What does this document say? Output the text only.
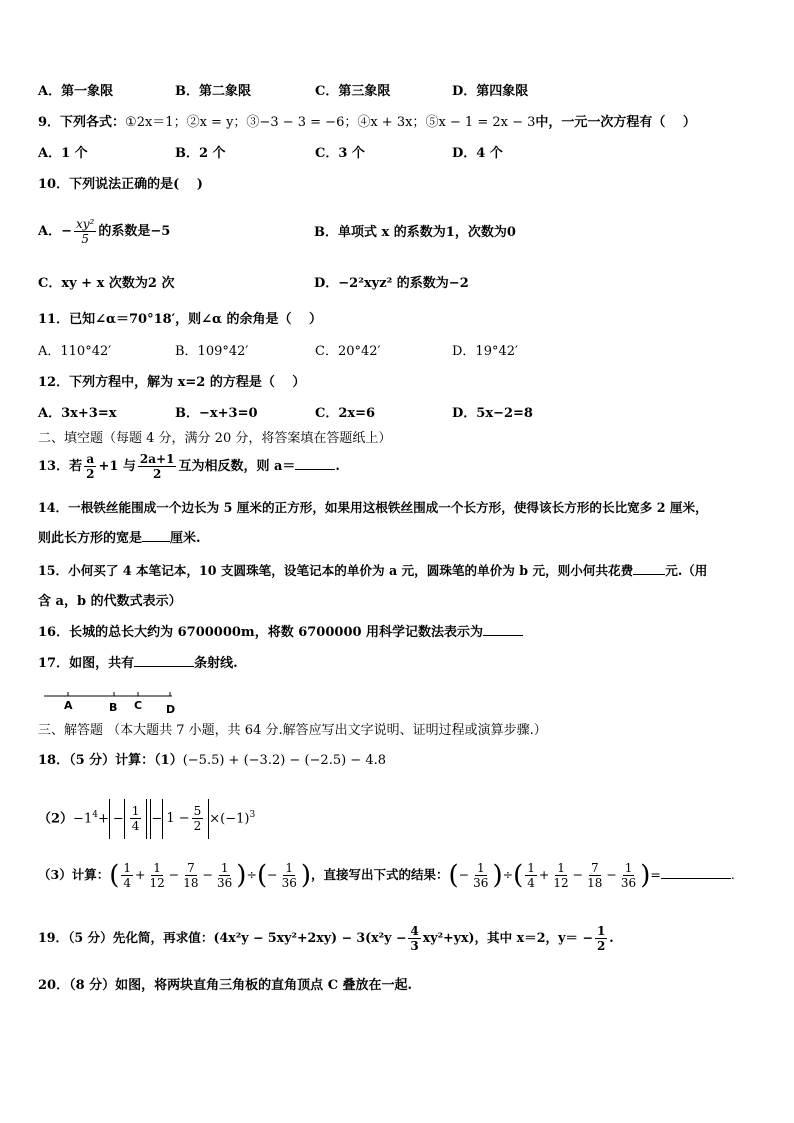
A．第一象限	B．第二象限	C．第三象限	D．第四象限
9．下列各式：①2x＝1；②x = y；③−3 − 3 = −6；④x + 3x；⑤x − 1 = 2x − 3中，一元一次方程有（　 ）
A．1 个	B．2 个	C．3 个	D．4 个
10．下列说法正确的是(　 )
A．− $\frac{\text{xy²}}{5}$ 的系数是−5	B．单项式 x 的系数为1，次数为0
C．xy + x 次数为2 次	D．−2²xyz² 的系数为−2
11．已知∠α＝70°18′，则∠α 的余角是（　 ）
A．110°42′	B．109°42′	C．20°42′	D．19°42′
12．下列方程中，解为 x=2 的方程是（　 ）
A．3x+3=x	B．−x+3=0	C．2x=6	D．5x−2=8
二、填空题（每题 4 分，满分 20 分，将答案填在答题纸上）
13．若 $\frac{a}{2} +1$ 与 $\frac{2a+1}{2}$ 互为相反数，则 a＝	.
14．一根铁丝能围成一个边长为 5 厘米的正方形，如果用这根铁丝围成一个长方形，使得该长方形的长比宽多 2 厘米，
则此长方形的宽是 厘米.
15．小何买了 4 本笔记本，10 支圆珠笔，设笔记本的单价为 a 元，圆珠笔的单价为 b 元，则小何共花费	元.（用
含 a，b 的代数式表示）
16．长城的总长大约为 6700000m，将数 6700000 用科学记数法表示为
17．如图，共有	条射线.
A	B C D
三、解答题 （本大题共 7 小题，共 64 分.解答应写出文字说明、证明过程或演算步骤.）
18．（5 分）计算：（1）(−5.5) + (−3.2) − (−2.5) − 4.8
$(2)-1^4+ - \frac{1}{4} - 1 - \frac{5}{2} \times(-1)^3$
（3）计算：( $\frac{1}{4} + \frac{1}{12} - \frac{7}{18} - \frac{1}{36}$ )÷(− $\frac{1}{36}$ )，直接写出下式的结果：(− $\frac{1}{36}$ )÷( $\frac{1}{4} + \frac{1}{12} - \frac{7}{18} - \frac{1}{36}$ )=	.
19．（5 分）先化简，再求值：$(4x^2y - 5xy^2+2xy) - 3(x^2y - \frac{4}{3} xy^2+yx)$，其中 x＝2，$y= - \frac{1}{2}$ .
20．（8 分）如图，将两块直角三角板的直角顶点 C 叠放在一起.
